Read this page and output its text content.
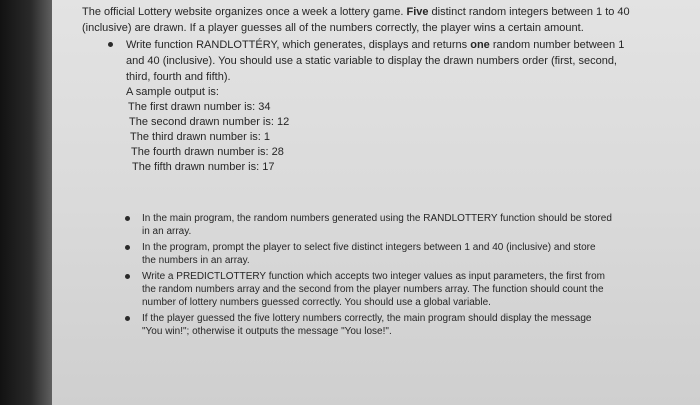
The official Lottery website organizes once a week a lottery game. Five distinct random integers between 1 to 40 (inclusive) are drawn. If a player guesses all of the numbers correctly, the player wins a certain amount.

Write function RANDLOTTÉRY, which generates, displays and returns one random number between 1 and 40 (inclusive). You should use a static variable to display the drawn numbers order (first, second, third, fourth and fifth).
A sample output is:
The first drawn number is: 34
The second drawn number is: 12
The third drawn number is: 1
The fourth drawn number is: 28
The fifth drawn number is: 17
In the main program, the random numbers generated using the RANDLOTTERY function should be stored in an array.
In the program, prompt the player to select five distinct integers between 1 and 40 (inclusive) and store the numbers in an array.
Write a PREDICTLOTTERY function which accepts two integer values as input parameters, the first from the random numbers array and the second from the player numbers array. The function should count the number of lottery numbers guessed correctly. You should use a global variable.
If the player guessed the five lottery numbers correctly, the main program should display the message "You win!"; otherwise it outputs the message "You lose!".
